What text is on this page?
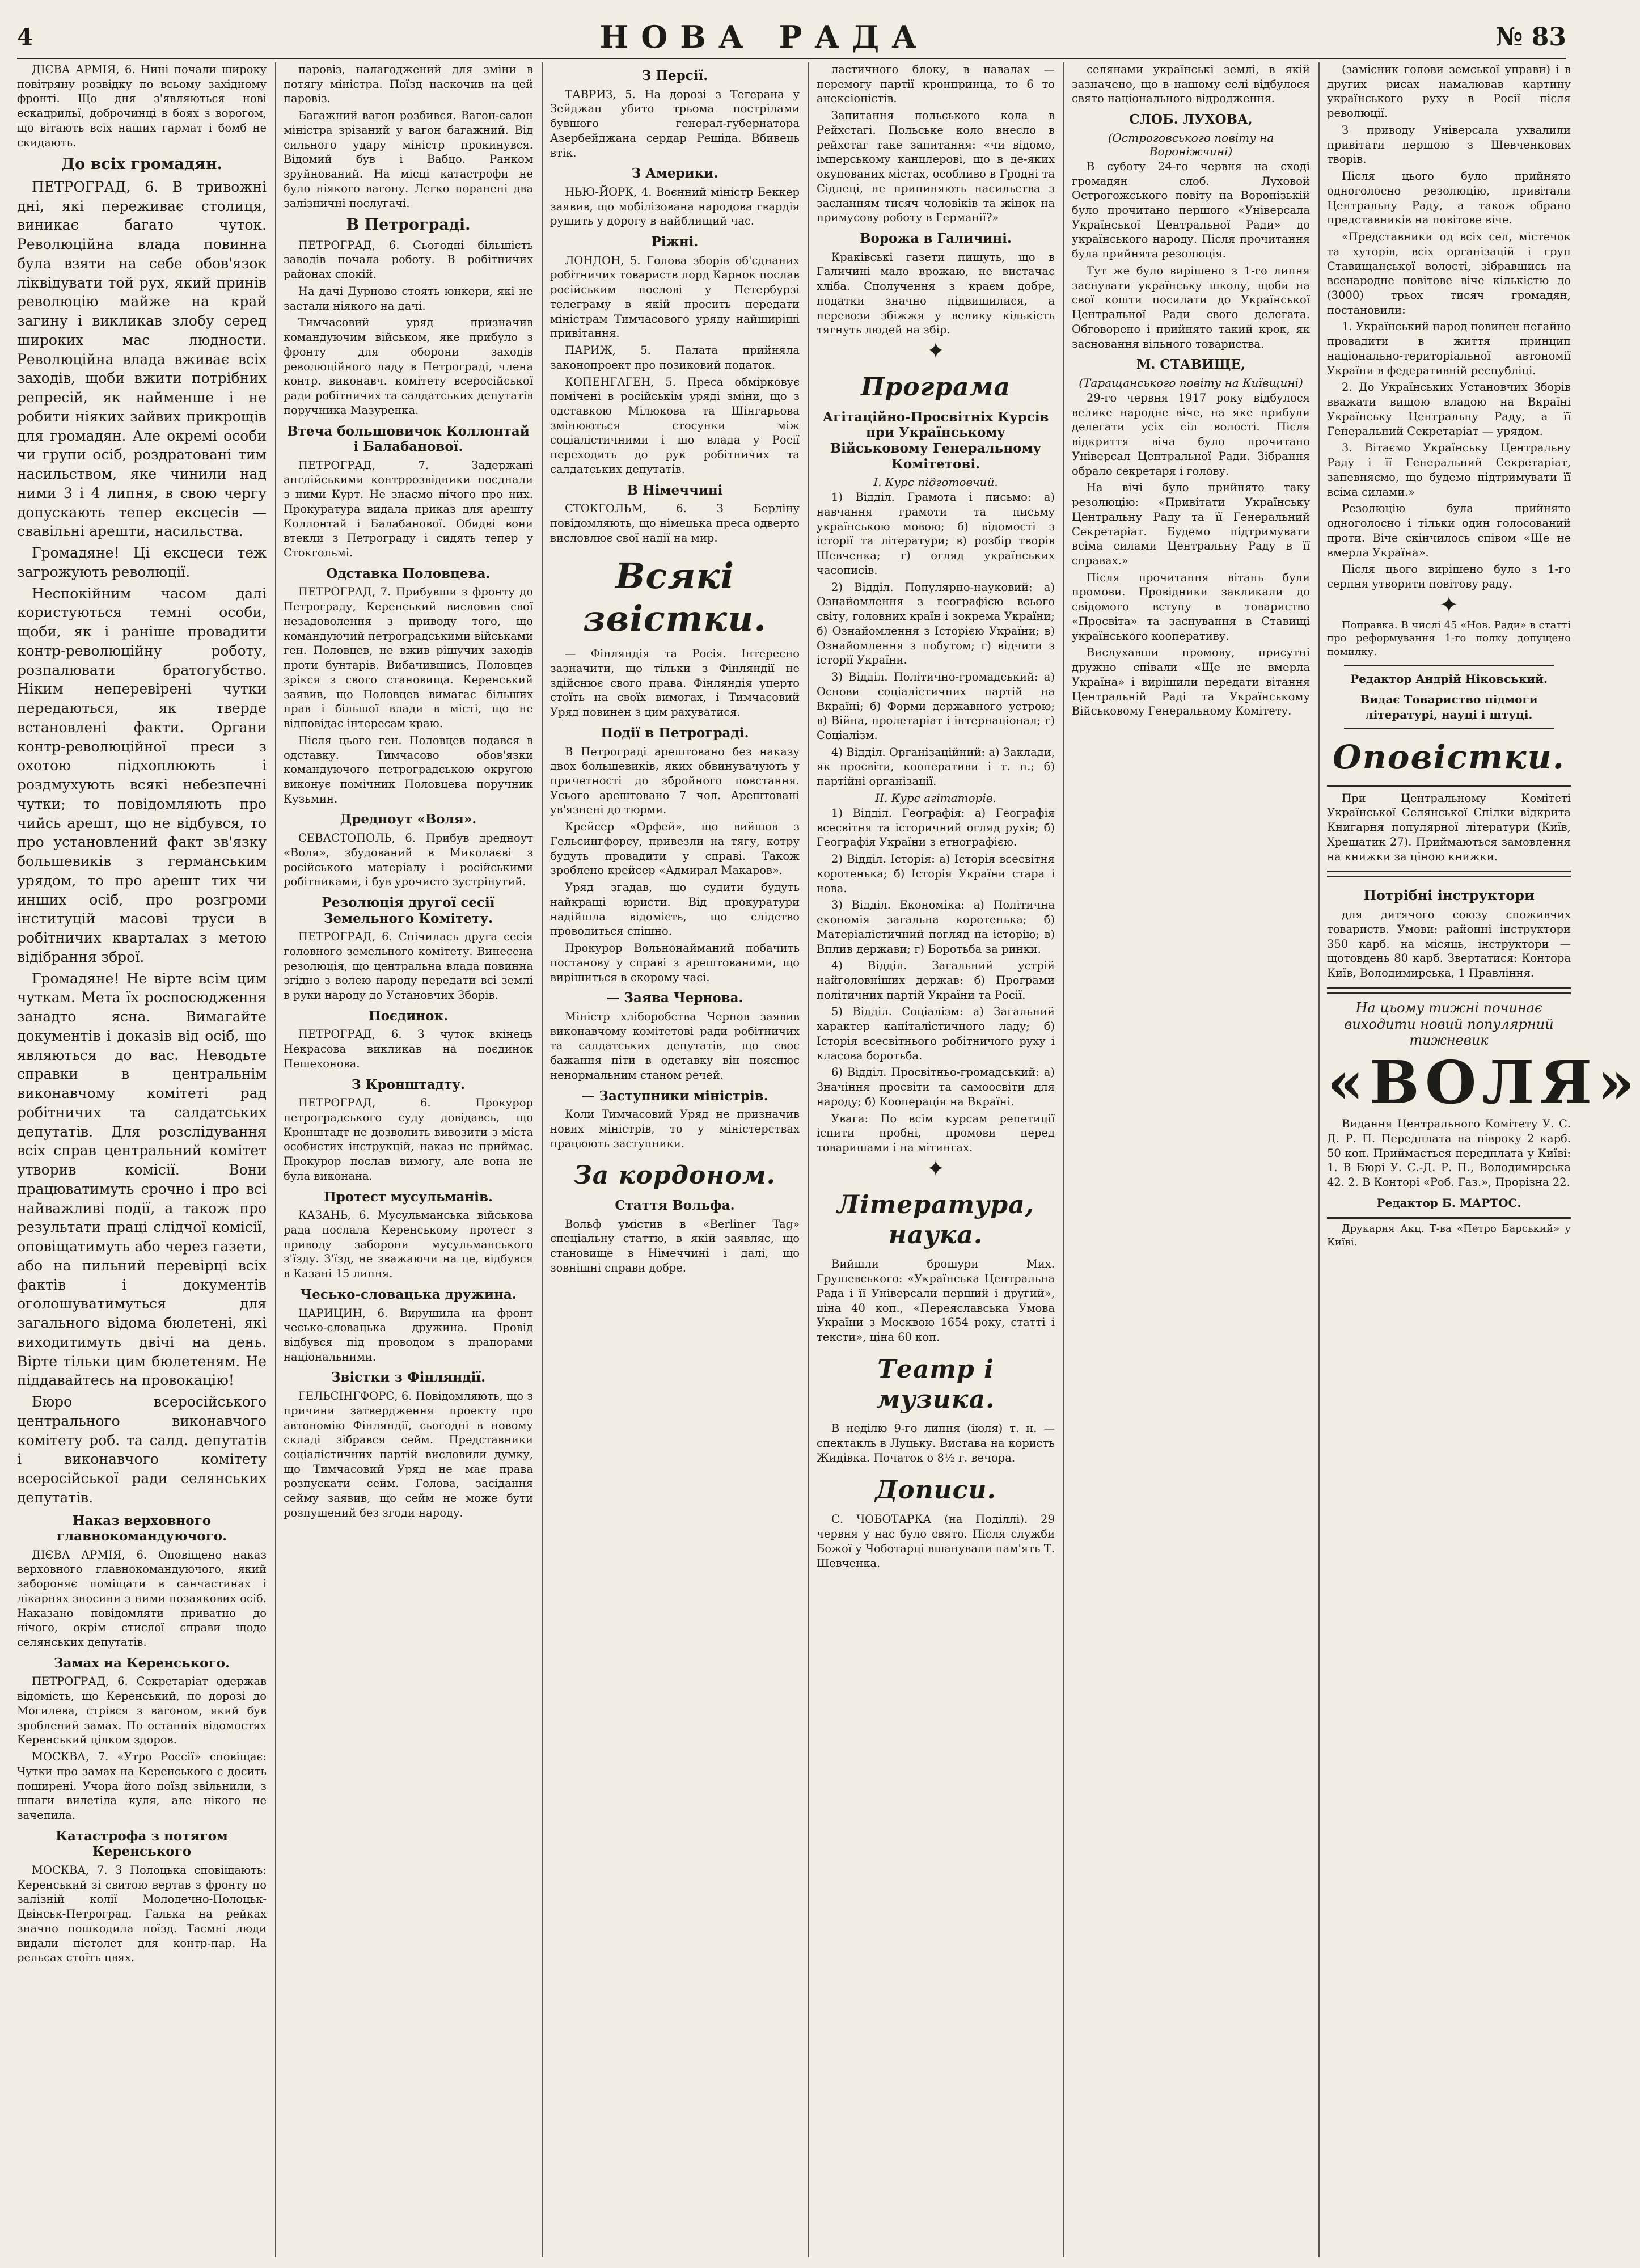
4	НОВА РАДА	№ 83

ДІЄВА АРМІЯ, 6. Нині почали широку повітряну розвідку по всьому західному фронті. Що дня з'являються нові ескадрильї, доброчинці в боях з ворогом, що вітають всіх наших гармат і бомб не скидають.

До всіх громадян.

ПЕТРОГРАД, 6. В тривожні дні, які переживає столиця, виникає багато чуток. Революційна влада повинна була взяти на себе обов'язок ліквідувати той рух, який принів революцію майже на край загину і викликав злобу серед широких мас людности. Революційна влада вживає всіх заходів, щоби вжити потрібних репресій, як найменше і не робити ніяких зайвих прикрощів для громадян. Але окремі особи чи групи осіб, роздратовані тим насильством, яке чинили над ними 3 і 4 липня, в свою чергу допускають тепер ексцесів — свавільні арешти, насильства.

Громадяне! Ці ексцеси теж загрожують революції.

Неспокійним часом далі користуються темні особи, щоби, як і раніше провадити контр-революційну роботу, розпалювати братогубство. Ніким неперевірені чутки передаються, як тверде встановлені факти. Органи контр-революційної преси з охотою підхоплюють і роздмухують всякі небезпечні чутки; то повідомляють про чийсь арешт, що не відбувся, то про установлений факт зв'язку большевиків з германським урядом, то про арешт тих чи инших осіб, про розгроми інституцій масові труси в робітничих кварталах з метою відібрання зброї.

Громадяне! Не вірте всім цим чуткам. Мета їх роспосюдження занадто ясна. Вимагайте документів і доказів від осіб, що являються до вас. Неводьте справки в центральнім виконавчому комітеті рад робітничих та салдатських депутатів. Для розслідування всіх справ центральний комітет утворив комісії. Вони працюватимуть срочно і про всі найважливі події, а також про результати праці слідчої комісії, оповіщатимуть або через газети, або на пильний перевірці всіх фактів і документів оголошуватимуться для загального відома бюлетені, які виходитимуть двічі на день. Вірте тільки цим бюлетеням. Не піддавайтесь на провокацію!

Бюро всеросійського центрального виконавчого комітету роб. та салд. депутатів і виконавчого комітету всеросійської ради селянських депутатів.

Наказ верховного главнокомандуючого.

ДІЄВА АРМІЯ, 6. Оповіщено наказ верховного главнокомандуючого, який забороняє поміщати в санчастинах і лікарнях зносини з ними позаякових осіб. Наказано повідомляти приватно до нічого, окрім стислої справи щодо селянських депутатів.

Замах на Керенського.

ПЕТРОГРАД, 6. Секретаріат одержав відомість, що Керенський, по дорозі до Могилева, стрівся з вагоном, який був зроблений замах. По останніх відомостях Керенський цілком здоров.

МОСКВА, 7. «Утро Россії» сповіщає: Чутки про замах на Керенського є досить поширені. Учора його поїзд звільнили, з шпаги вилетіла куля, але нікого не зачепила.

Катастрофа з потягом Керенського

МОСКВА, 7. З Полоцька сповіщають: Керенський зі свитою вертав з фронту по залізній колії Молодечно-Полоцьк-Двінськ-Петроград. Галька на рейках значно пошкодила поїзд. Таємні люди видали пістолет для контр-пар. На рельсах стоїть цвях.

паровіз, налагоджений для зміни в потягу міністра. Поїзд наскочив на цей паровіз.

Багажний вагон розбився. Вагон-салон міністра зрізаний у вагон багажний. Від сильного удару міністр прокинувся. Відомий був і Вабцо. Ранком зруйнований. На місці катастрофи не було ніякого вагону. Легко поранені два залізничні послугачі.

В Петрограді.

ПЕТРОГРАД, 6. Сьогодні більшість заводів почала роботу. В робітничих районах спокій.

На дачі Дурново стоять юнкери, які не застали ніякого на дачі.

Тимчасовий уряд призначив командуючим військом, яке прибуло з фронту для оборони заходів революційного ладу в Петрограді, члена контр. виконавч. комітету всеросійської ради робітничих та салдатських депутатів поручника Мазуренка.

Втеча большовичок Коллонтай і Балабанової.

ПЕТРОГРАД, 7. Задержані англійськими контррозвідники поєднали з ними Курт. Не знаємо нічого про них. Прокуратура видала приказ для арешту Коллонтай і Балабанової. Обидві вони втекли з Петрограду і сидять тепер у Стокгольмі.

Одставка Половцева.

ПЕТРОГРАД, 7. Прибувши з фронту до Петрограду, Керенський висловив свої незадоволення з приводу того, що командуючий петроградськими військами ген. Половцев, не вжив рішучих заходів проти бунтарів. Вибачившись, Половцев зрікся з свого становища. Керенський заявив, що Половцев вимагає більших прав і більшої влади в місті, що не відповідає інтересам краю.

Після цього ген. Половцев подався в одставку. Тимчасово обов'язки командуючого петроградською округою виконує помічник Половцева поручник Кузьмин.

Дредноут «Воля».

СЕВАСТОПОЛЬ, 6. Прибув дредноут «Воля», збудований в Миколаєві з російського матеріалу і російськими робітниками, і був урочисто зустрінутий.

Резолюція другої сесії Земельного Комітету.

ПЕТРОГРАД, 6. Спічилась друга сесія головного земельного комітету. Винесена резолюція, що центральна влада повинна згідно з волею народу передати всі землі в руки народу до Установчих Зборів.

Поєдинок.

ПЕТРОГРАД, 6. З чуток вкінець Некрасова викликав на поєдинок Пешехонова.

З Кронштадту.

ПЕТРОГРАД, 6. Прокурор петроградського суду довідавсь, що Кронштадт не дозволить вивозити з міста особистих інструкцій, наказ не приймає. Прокурор послав вимогу, але вона не була виконана.

Протест мусульманів.

КАЗАНЬ, 6. Мусульманська військова рада послала Керенському протест з приводу заборони мусульманського з'їзду. З'їзд, не зважаючи на це, відбувся в Казані 15 липня.

Чесько-словацька дружина.

ЦАРИЦИН, 6. Вирушила на фронт чесько-словацька дружина. Провід відбувся під проводом з прапорами національними.

Звістки з Фінляндії.

ГЕЛЬСІНГФОРС, 6. Повідомляють, що з причини затвердження проекту про автономію Фінляндії, сьогодні в новому складі зібрався сейм. Представники соціалістичних партій висловили думку, що Тимчасовий Уряд не має права розпускати сейм. Голова, засідання сейму заявив, що сейм не може бути розпущений без згоди народу.

З Персії.

ТАВРИЗ, 5. На дорозі з Тегерана у Зейджан убито трьома пострілами бувшого генерал-губернатора Азербейджана сердар Решіда. Вбивець втік.

З Америки.

НЬЮ-ЙОРК, 4. Воєнний міністр Беккер заявив, що мобілізована народова гвардія рушить у дорогу в найблищий час.

Ріжні.

ЛОНДОН, 5. Голова зборів об'єднаних робітничих товариств лорд Карнок послав російським послові у Петербурзі телеграму в якій просить передати міністрам Тимчасового уряду найщиріші привітання.

ПАРИЖ, 5. Палата прийняла законопроект про позиковий податок.

КОПЕНГАГЕН, 5. Преса обмірковує помічені в російськім уряді зміни, що з одставкою Мілюкова та Шінгарьова змінюються стосунки між соціалістичними і що влада у Росії переходить до рук робітничих та салдатських депутатів.

В Німеччині

СТОКГОЛЬМ, 6. З Берліну повідомляють, що німецька преса одверто висловлює свої надії на мир.

Всякі звістки.

— Фінляндія та Росія. Інтересно зазначити, що тільки з Фінляндії не здійснює свого права. Фінляндія уперто стоїть на своїх вимогах, і Тимчасовий Уряд повинен з цим рахуватися.

Події в Петрограді.

В Петрограді арештовано без наказу двох большевиків, яких обвинувачують у причетності до збройного повстання. Усього арештовано 7 чол. Арештовані ув'язнені до тюрми.

Крейсер «Орфей», що вийшов з Гельсингфорсу, привезли на тягу, котру будуть провадити у справі. Також зроблено крейсер «Адмирал Макаров».

Уряд згадав, що судити будуть найкращі юристи. Від прокуратури надійшла відомість, що слідство проводиться спішно.

Прокурор Вольнонайманий побачить постанову у справі з арештованими, що вирішиться в скорому часі.

— Заява Чернова.

Міністр хліборобства Чернов заявив виконавчому комітетові ради робітничих та салдатських депутатів, що своє бажання піти в одставку він пояснює ненормальним станом речей.

— Заступники міністрів.

Коли Тимчасовий Уряд не призначив нових міністрів, то у міністерствах працюють заступники.

За кордоном.
Стаття Вольфа.

Вольф умістив в «Berliner Tag» спеціальну статтю, в якій заявляє, що становище в Німеччині і далі, що зовнішні справи добре.

ластичного блоку, в навалах — перемогу партії кронпринца, то 6 то анексіоністів.

Запитання польського кола в Рейхстагі. Польське коло внесло в рейхстаг таке запитання: «чи відомо, імперському канцлерові, що в де-яких окупованих містах, особливо в Гродні та Сідлеці, не припиняють насильства з засланням тисяч чоловіків та жінок на примусову роботу в Германії?»

Ворожа в Галичині.

Краківські газети пишуть, що в Галичині мало врожаю, не вистачає хліба. Сполучення з краєм добре, податки значно підвищилися, а перевози збіжжя у велику кількість тягнуть людей на збір.

✦
Програма
Агітаційно-Просвітніх Курсів при Українському Військовому Генеральному Комітетові.
І. Курс підготовчий.

1) Відділ. Грамота і письмо: а) навчання грамоти та письму українською мовою; б) відомості з історії та літератури; в) розбір творів Шевченка; г) огляд українських часописів.

2) Відділ. Популярно-науковий: а) Ознайомлення з географією всього світу, головних країн і зокрема України; б) Ознайомлення з Історією України; в) Ознайомлення з побутом; г) відчити з історії України.

3) Відділ. Політично-громадський: а) Основи соціалістичних партій на Вкраїні; б) Форми державного устрою; в) Війна, пролетаріат і інтернаціонал; г) Соціалізм.

4) Відділ. Організаційний: а) Заклади, як просвіти, кооперативи і т. п.; б) партійні організації.

ІІ. Курс агітаторів.

1) Відділ. Географія: а) Географія всесвітня та історичний огляд рухів; б) Географія України з етнографією.

2) Відділ. Історія: а) Історія всесвітня коротенька; б) Історія України стара і нова.

3) Відділ. Економіка: а) Політична економія загальна коротенька; б) Матеріалістичний погляд на історію; в) Вплив держави; г) Боротьба за ринки.

4) Відділ. Загальний устрій найголовніших держав: б) Програми політичних партій України та Росії.

5) Відділ. Соціалізм: а) Загальний характер капіталістичного ладу; б) Історія всесвітнього робітничого руху і класова боротьба.

6) Відділ. Просвітньо-громадський: а) Значіння просвіти та самоосвіти для народу; б) Кооперація на Вкраїні.

Увага: По всім курсам репетиції іспити пробні, промови перед товаришами і на мітингах.

✦
Література, наука.

Вийшли брошури Мих. Грушевського: «Українська Центральна Рада і її Універсали перший і другий», ціна 40 коп., «Переяславська Умова України з Москвою 1654 року, статті і тексти», ціна 60 коп.

Театр і музика.

В неділю 9-го липня (іюля) т. н. — спектакль в Луцьку. Вистава на користь Жидівка. Початок о 8½ г. вечора.

Дописи.

С. ЧОБОТАРКА (на Поділлі). 29 червня у нас було свято. Після служби Божої у Чоботарці вшанували пам'ять Т. Шевченка.

селянами українські землі, в якій зазначено, що в нашому селі відбулося свято національного відродження.

СЛОБ. ЛУХОВА,
(Остроговського повіту на Вороніжчині)

В суботу 24-го червня на сході громадян слоб. Луховой Острогожського повіту на Воронізькій було прочитано першого «Універсала Української Центральної Ради» до українського народу. Після прочитання була прийнята резолюція.

Тут же було вирішено з 1-го липня заснувати українську школу, щоби на свої кошти посилати до Української Центральної Ради свого делегата. Обговорено і прийнято такий крок, як засновання вільного товариства.

М. СТАВИЩЕ,
(Таращанського повіту на Київщині)

29-го червня 1917 року відбулося велике народне віче, на яке прибули делегати усіх сіл волості. Після відкриття віча було прочитано Універсал Центральної Ради. Зібрання обрало секретаря і голову.

На вічі було прийнято таку резолюцію: «Привітати Українську Центральну Раду та її Генеральний Секретаріат. Будемо підтримувати всіма силами Центральну Раду в її справах.»

Після прочитання вітань були промови. Провідники закликали до свідомого вступу в товариство «Просвіта» та заснування в Ставищі українського кооперативу.

Вислухавши промову, присутні дружно співали «Ще не вмерла Україна» і вирішили передати вітання Центральній Раді та Українському Військовому Генеральному Комітету.

(замісник голови земської управи) і в других рисах намалював картину українського руху в Росії після революції.

З приводу Універсала ухвалили привітати першою з Шевченкових творів.

Після цього було прийнято одноголосно резолюцію, привітали Центральну Раду, а також обрано представників на повітове віче.

«Представники од всіх сел, містечок та хуторів, всіх організацій і груп Ставищанської волості, зібравшись на всенародне повітове віче кількістю до (3000) трьох тисяч громадян, постановили:

1. Український народ повинен негайно провадити в життя принцип національно-територіальної автономії України в федеративній республіці.

2. До Українських Установчих Зборів вважати вищою владою на Вкраїні Українську Центральну Раду, а її Генеральний Секретаріат — урядом.

3. Вітаємо Українську Центральну Раду і її Генеральний Секретаріат, запевняємо, що будемо підтримувати її всіма силами.»

Резолюцію була прийнято одноголосно і тільки один голосований проти. Віче скінчилось співом «Ще не вмерла Україна».

Після цього вирішено було з 1-го серпня утворити повітову раду.

✦

Поправка. В числі 45 «Нов. Ради» в статті про реформування 1-го полку допущено помилку.

Редактор Андрій Ніковський.
Видає Товариство підмоги літературі, науці і штуці.
Оповістки.

При Центральному Комітеті Української Селянської Спілки відкрита Книгарня популярної літератури (Київ, Хрещатик 27). Приймаються замовлення на книжки за ціною книжки.

Потрібні інструктори

для дитячого союзу споживчих товариств. Умови: районні інструктори 350 карб. на місяць, інструктори — щотовдень 80 карб. Звертатися: Контора Київ, Володимирська, 1 Правління.

На цьому тижні починає виходити новий популярний тижневик
«ВОЛЯ»

Видання Центрального Комітету У. С. Д. Р. П. Передплата на півроку 2 карб. 50 коп. Приймається передплата у Київі: 1. В Бюрі У. С.-Д. Р. П., Володимирська 42. 2. В Конторі «Роб. Газ.», Прорізна 22.

Редактор Б. МАРТОС.

Друкарня Акц. Т-ва «Петро Барський» у Київі.
